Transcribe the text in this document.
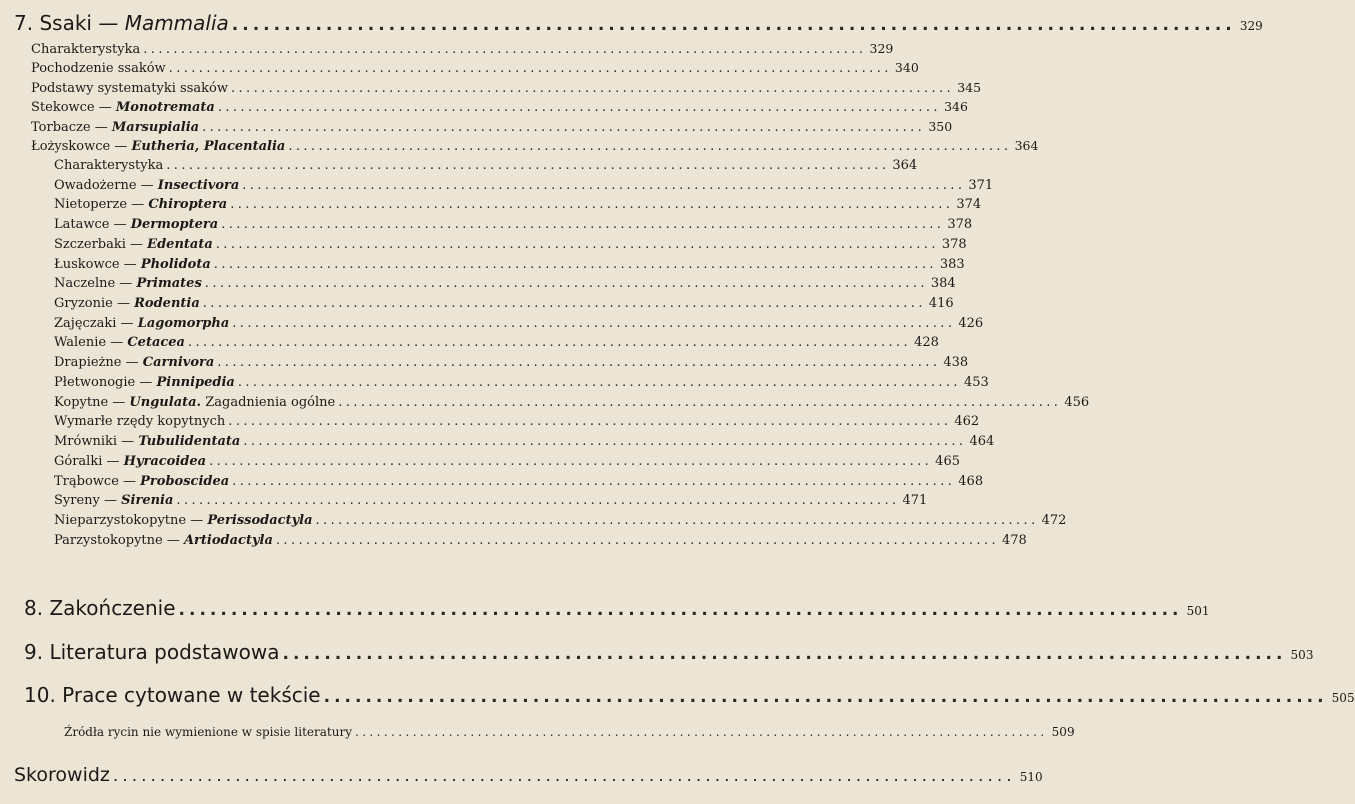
7. Ssaki — Mammalia ................................................................................................ 329
Charakterystyka ................................................................................................ 329
Pochodzenie ssaków ................................................................................................ 340
Podstawy systematyki ssaków ................................................................................................ 345
Stekowce — Monotremata ................................................................................................ 346
Torbacze — Marsupialia ................................................................................................ 350
Łożyskowce — Eutheria, Placentalia ................................................................................................ 364
Charakterystyka ................................................................................................ 364
Owadożerne — Insectivora ................................................................................................ 371
Nietoperze — Chiroptera ................................................................................................ 374
Latawce — Dermoptera ................................................................................................ 378
Szczerbaki — Edentata ................................................................................................ 378
Łuskowce — Pholidota ................................................................................................ 383
Naczelne — Primates ................................................................................................ 384
Gryzonie — Rodentia ................................................................................................ 416
Zajęczaki — Lagomorpha ................................................................................................ 426
Walenie — Cetacea ................................................................................................ 428
Drapieżne — Carnivora ................................................................................................ 438
Płetwonogie — Pinnipedia ................................................................................................ 453
Kopytne — Ungulata. Zagadnienia ogólne ................................................................................................ 456
Wymarłe rzędy kopytnych ................................................................................................ 462
Mrówniki — Tubulidentata ................................................................................................ 464
Góralki — Hyracoidea ................................................................................................ 465
Trąbowce — Proboscidea ................................................................................................ 468
Syreny — Sirenia ................................................................................................ 471
Nieparzystokopytne — Perissodactyla ................................................................................................ 472
Parzystokopytne — Artiodactyla ................................................................................................ 478
8. Zakończenie ................................................................................................ 501
9. Literatura podstawowa ................................................................................................ 503
10. Prace cytowane w tekście ................................................................................................ 505
Źródła rycin nie wymienione w spisie literatury ................................................................................................ 509
Skorowidz ................................................................................................ 510
